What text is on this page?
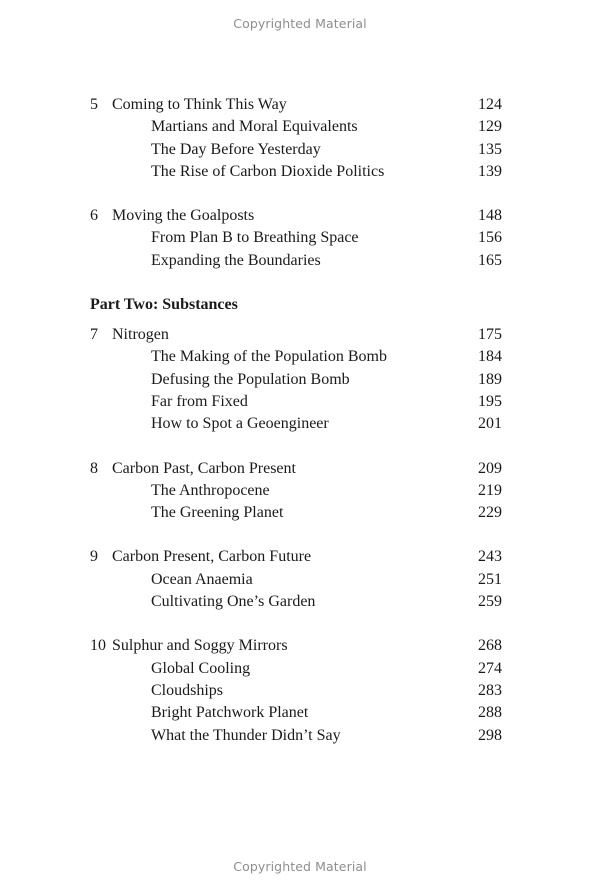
Copyrighted Material
5 Coming to Think This Way	124
Martians and Moral Equivalents	129
The Day Before Yesterday	135
The Rise of Carbon Dioxide Politics	139
6 Moving the Goalposts	148
From Plan B to Breathing Space	156
Expanding the Boundaries	165
Part Two: Substances
7 Nitrogen	175
The Making of the Population Bomb	184
Defusing the Population Bomb	189
Far from Fixed	195
How to Spot a Geoengineer	201
8 Carbon Past, Carbon Present	209
The Anthropocene	219
The Greening Planet	229
9 Carbon Present, Carbon Future	243
Ocean Anaemia	251
Cultivating One’s Garden	259
10 Sulphur and Soggy Mirrors	268
Global Cooling	274
Cloudships	283
Bright Patchwork Planet	288
What the Thunder Didn’t Say	298
Copyrighted Material
